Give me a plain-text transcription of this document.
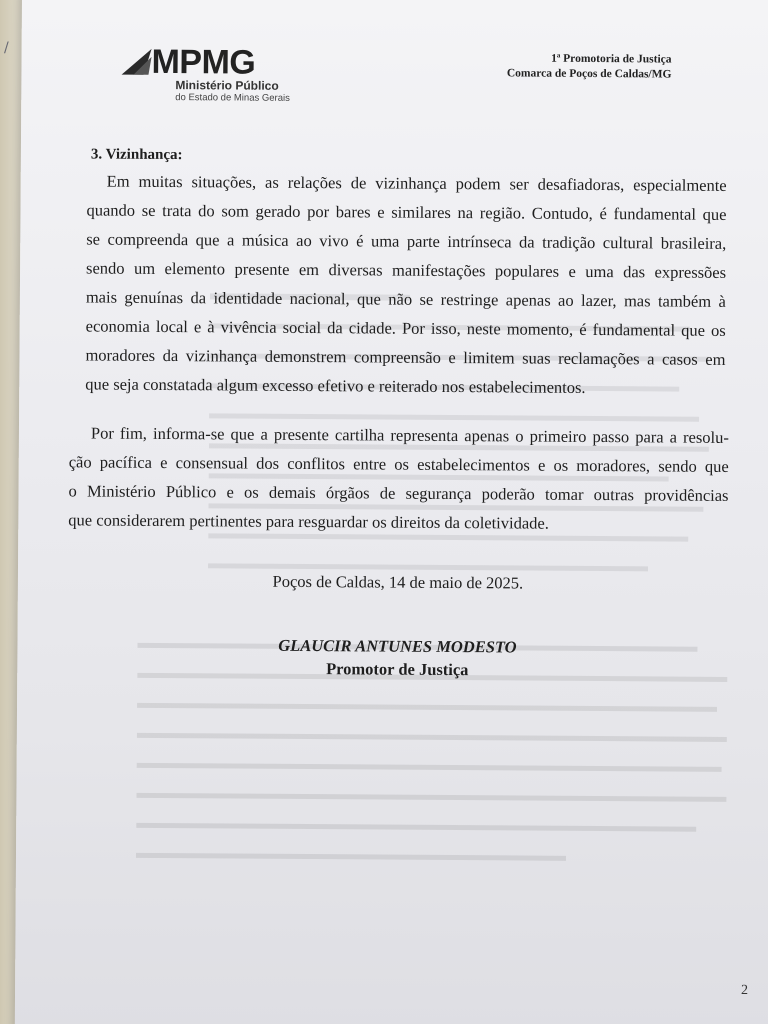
/	MPMG
Ministério Público
do Estado de Minas Gerais
1ª Promotoria de Justiça
Comarca de Poços de Caldas/MG
3. Vizinhança:
Em muitas situações, as relações de vizinhança podem ser desafiadoras, especialmente
quando se trata do som gerado por bares e similares na região. Contudo, é fundamental que
se compreenda que a música ao vivo é uma parte intrínseca da tradição cultural brasileira,
sendo um elemento presente em diversas manifestações populares e uma das expressões
mais genuínas da identidade nacional, que não se restringe apenas ao lazer, mas também à
economia local e à vivência social da cidade. Por isso, neste momento, é fundamental que os
moradores da vizinhança demonstrem compreensão e limitem suas reclamações a casos em
que seja constatada algum excesso efetivo e reiterado nos estabelecimentos.
Por fim, informa-se que a presente cartilha representa apenas o primeiro passo para a resolu-
ção pacífica e consensual dos conflitos entre os estabelecimentos e os moradores, sendo que
o Ministério Público e os demais órgãos de segurança poderão tomar outras providências
que considerarem pertinentes para resguardar os direitos da coletividade.
Poços de Caldas, 14 de maio de 2025.
GLAUCIR ANTUNES MODESTO
Promotor de Justiça
2
